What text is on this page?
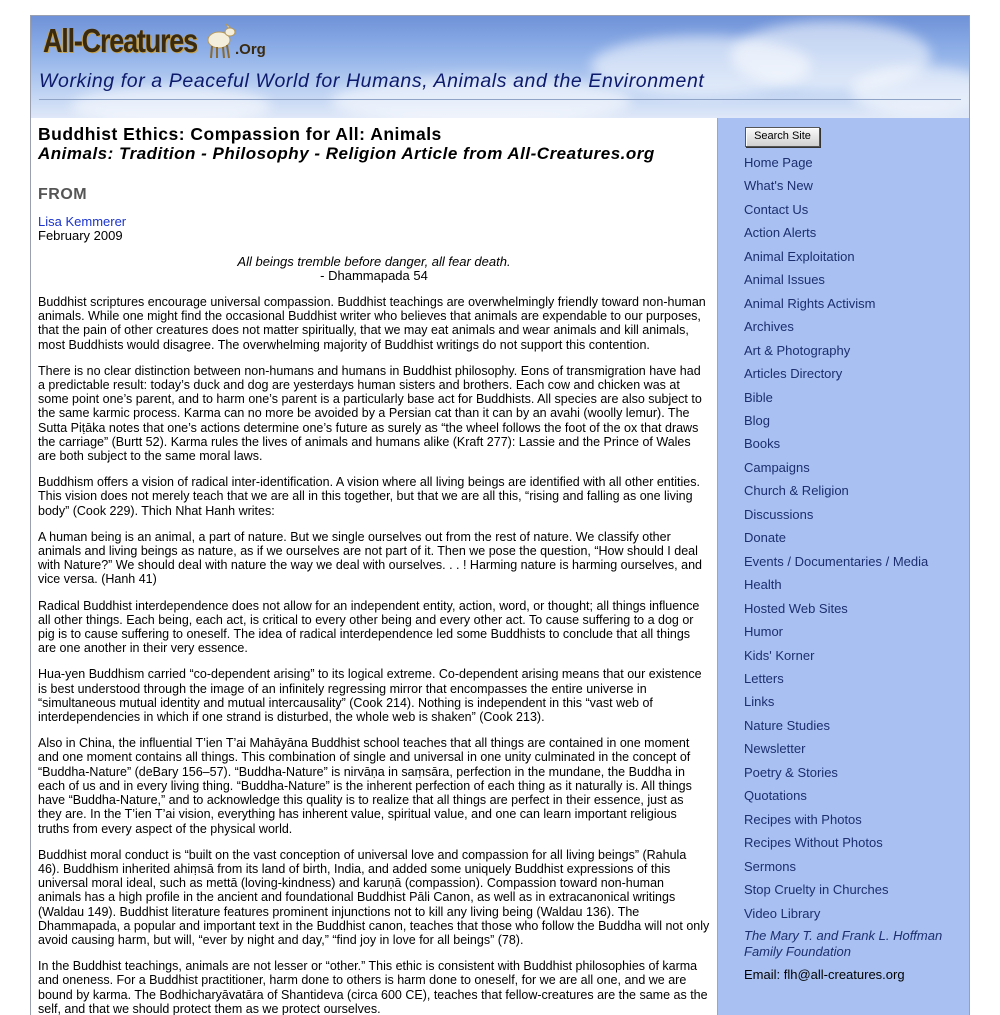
All-Creatures	.Org
Working for a Peaceful World for Humans, Animals and the Environment
Buddhist Ethics: Compassion for All: Animals
Animals: Tradition - Philosophy - Religion Article from All-Creatures.org
FROM
Lisa Kemmerer
February 2009
All beings tremble before danger, all fear death.
- Dhammapada 54

Buddhist scriptures encourage universal compassion. Buddhist teachings are overwhelmingly friendly toward non-human animals. While one might find the occasional Buddhist writer who believes that animals are expendable to our purposes, that the pain of other creatures does not matter spiritually, that we may eat animals and wear animals and kill animals, most Buddhists would disagree. The overwhelming majority of Buddhist writings do not support this contention.

There is no clear distinction between non-humans and humans in Buddhist philosophy. Eons of transmigration have had a predictable result: today’s duck and dog are yesterdays human sisters and brothers. Each cow and chicken was at some point one’s parent, and to harm one’s parent is a particularly base act for Buddhists. All species are also subject to the same karmic process. Karma can no more be avoided by a Persian cat than it can by an avahi (woolly lemur). The Sutta Piṭāka notes that one’s actions determine one’s future as surely as “the wheel follows the foot of the ox that draws the carriage” (Burtt 52). Karma rules the lives of animals and humans alike (Kraft 277): Lassie and the Prince of Wales are both subject to the same moral laws.

Buddhism offers a vision of radical inter-identification. A vision where all living beings are identified with all other entities. This vision does not merely teach that we are all in this together, but that we are all this, “rising and falling as one living body” (Cook 229). Thich Nhat Hanh writes:

A human being is an animal, a part of nature. But we single ourselves out from the rest of nature. We classify other animals and living beings as nature, as if we ourselves are not part of it. Then we pose the question, “How should I deal with Nature?” We should deal with nature the way we deal with ourselves. . . ! Harming nature is harming ourselves, and vice versa. (Hanh 41)

Radical Buddhist interdependence does not allow for an independent entity, action, word, or thought; all things influence all other things. Each being, each act, is critical to every other being and every other act. To cause suffering to a dog or pig is to cause suffering to oneself. The idea of radical interdependence led some Buddhists to conclude that all things are one another in their very essence.

Hua-yen Buddhism carried “co-dependent arising” to its logical extreme. Co-dependent arising means that our existence is best understood through the image of an infinitely regressing mirror that encompasses the entire universe in “simultaneous mutual identity and mutual intercausality” (Cook 214). Nothing is independent in this “vast web of interdependencies in which if one strand is disturbed, the whole web is shaken” (Cook 213).

Also in China, the influential T’ien T’ai Mahāyāna Buddhist school teaches that all things are contained in one moment and one moment contains all things. This combination of single and universal in one unity culminated in the concept of “Buddha-Nature” (deBary 156–57). “Buddha-Nature” is nirvāṇa in saṃsāra, perfection in the mundane, the Buddha in each of us and in every living thing. “Buddha-Nature” is the inherent perfection of each thing as it naturally is. All things have “Buddha-Nature,” and to acknowledge this quality is to realize that all things are perfect in their essence, just as they are. In the T’ien T’ai vision, everything has inherent value, spiritual value, and one can learn important religious truths from every aspect of the physical world.

Buddhist moral conduct is “built on the vast conception of universal love and compassion for all living beings” (Rahula 46). Buddhism inherited ahiṃsā from its land of birth, India, and added some uniquely Buddhist expressions of this universal moral ideal, such as mettā (loving-kindness) and karuṇā (compassion). Compassion toward non-human animals has a high profile in the ancient and foundational Buddhist Pāli Canon, as well as in extracanonical writings (Waldau 149). Buddhist literature features prominent injunctions not to kill any living being (Waldau 136). The Dhammapada, a popular and important text in the Buddhist canon, teaches that those who follow the Buddha will not only avoid causing harm, but will, “ever by night and day,” “find joy in love for all beings” (78).

In the Buddhist teachings, animals are not lesser or “other.” This ethic is consistent with Buddhist philosophies of karma and oneness. For a Buddhist practitioner, harm done to others is harm done to oneself, for we are all one, and we are bound by karma. The Bodhicharyāvatāra of Shantideva (circa 600 CE), teaches that fellow-creatures are the same as the self, and that we should protect them as we protect ourselves.

Search Site
Home Page
What's New
Contact Us
Action Alerts
Animal Exploitation
Animal Issues
Animal Rights Activism
Archives
Art & Photography
Articles Directory
Bible
Blog
Books
Campaigns
Church & Religion
Discussions
Donate
Events / Documentaries / Media
Health
Hosted Web Sites
Humor
Kids' Korner
Letters
Links
Nature Studies
Newsletter
Poetry & Stories
Quotations
Recipes with Photos
Recipes Without Photos
Sermons
Stop Cruelty in Churches
Video Library
The Mary T. and Frank L. Hoffman Family Foundation
Email: flh@all-creatures.org
